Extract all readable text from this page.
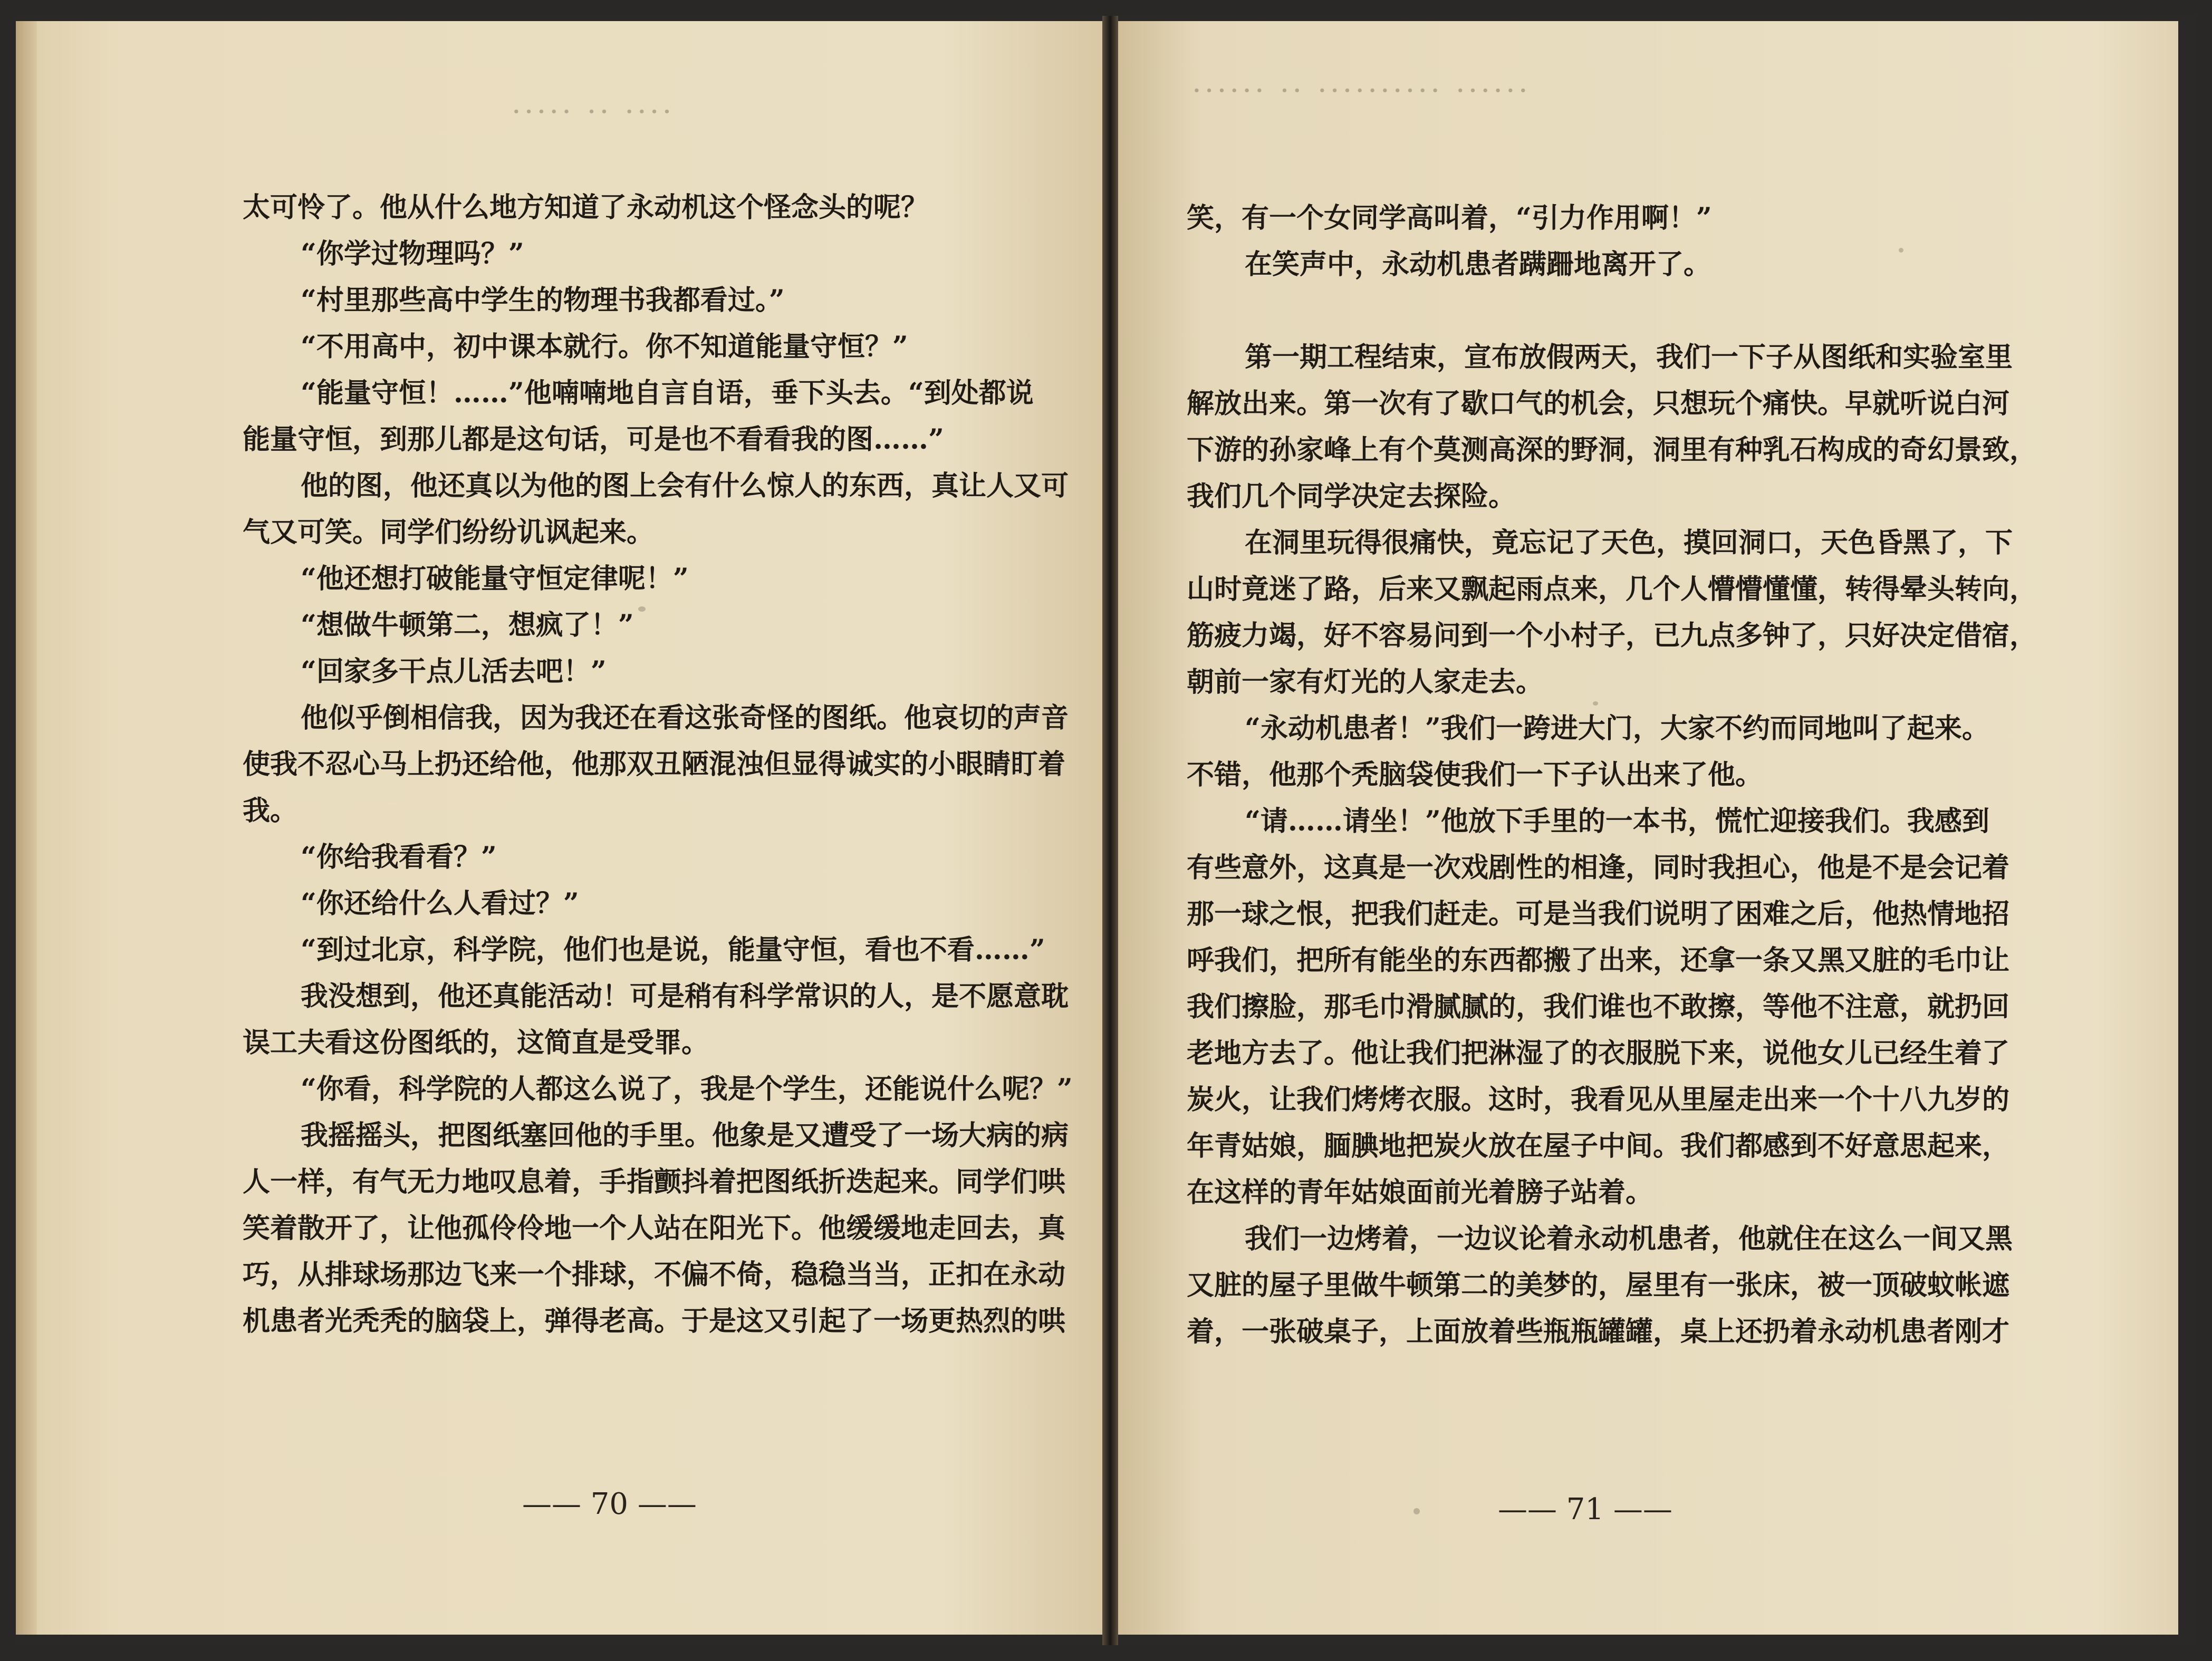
····· ·· ····
太可怜了。他从什么地方知道了永动机这个怪念头的呢？
“你学过物理吗？”
“村里那些高中学生的物理书我都看过。”
“不用高中，初中课本就行。你不知道能量守恒？”
“能量守恒！……”他喃喃地自言自语，垂下头去。“到处都说
能量守恒，到那儿都是这句话，可是也不看看我的图……”
他的图，他还真以为他的图上会有什么惊人的东西，真让人又可
气又可笑。同学们纷纷讥讽起来。
“他还想打破能量守恒定律呢！”
“想做牛顿第二，想疯了！”
“回家多干点儿活去吧！”
他似乎倒相信我，因为我还在看这张奇怪的图纸。他哀切的声音
使我不忍心马上扔还给他，他那双丑陋混浊但显得诚实的小眼睛盯着
我。
“你给我看看？”
“你还给什么人看过？”
“到过北京，科学院，他们也是说，能量守恒，看也不看……”
我没想到，他还真能活动！可是稍有科学常识的人，是不愿意耽
误工夫看这份图纸的，这简直是受罪。
“你看，科学院的人都这么说了，我是个学生，还能说什么呢？”
我摇摇头，把图纸塞回他的手里。他象是又遭受了一场大病的病
人一样，有气无力地叹息着，手指颤抖着把图纸折迭起来。同学们哄
笑着散开了，让他孤伶伶地一个人站在阳光下。他缓缓地走回去，真
巧，从排球场那边飞来一个排球，不偏不倚，稳稳当当，正扣在永动
机患者光秃秃的脑袋上，弹得老高。于是这又引起了一场更热烈的哄
—— 70 ——
······ ·· ·········· ······
笑，有一个女同学高叫着，“引力作用啊！”
在笑声中，永动机患者蹒跚地离开了。
第一期工程结束，宣布放假两天，我们一下子从图纸和实验室里
解放出来。第一次有了歇口气的机会，只想玩个痛快。早就听说白河
下游的孙家峰上有个莫测高深的野洞，洞里有种乳石构成的奇幻景致，
我们几个同学决定去探险。
在洞里玩得很痛快，竟忘记了天色，摸回洞口，天色昏黑了，下
山时竟迷了路，后来又飘起雨点来，几个人懵懵懂懂，转得晕头转向，
筋疲力竭，好不容易问到一个小村子，已九点多钟了，只好决定借宿，
朝前一家有灯光的人家走去。
“永动机患者！”我们一跨进大门，大家不约而同地叫了起来。
不错，他那个秃脑袋使我们一下子认出来了他。
“请……请坐！”他放下手里的一本书，慌忙迎接我们。我感到
有些意外，这真是一次戏剧性的相逢，同时我担心，他是不是会记着
那一球之恨，把我们赶走。可是当我们说明了困难之后，他热情地招
呼我们，把所有能坐的东西都搬了出来，还拿一条又黑又脏的毛巾让
我们擦脸，那毛巾滑腻腻的，我们谁也不敢擦，等他不注意，就扔回
老地方去了。他让我们把淋湿了的衣服脱下来，说他女儿已经生着了
炭火，让我们烤烤衣服。这时，我看见从里屋走出来一个十八九岁的
年青姑娘，腼腆地把炭火放在屋子中间。我们都感到不好意思起来，
在这样的青年姑娘面前光着膀子站着。
我们一边烤着，一边议论着永动机患者，他就住在这么一间又黑
又脏的屋子里做牛顿第二的美梦的，屋里有一张床，被一顶破蚊帐遮
着，一张破桌子，上面放着些瓶瓶罐罐，桌上还扔着永动机患者刚才
—— 71 ——
